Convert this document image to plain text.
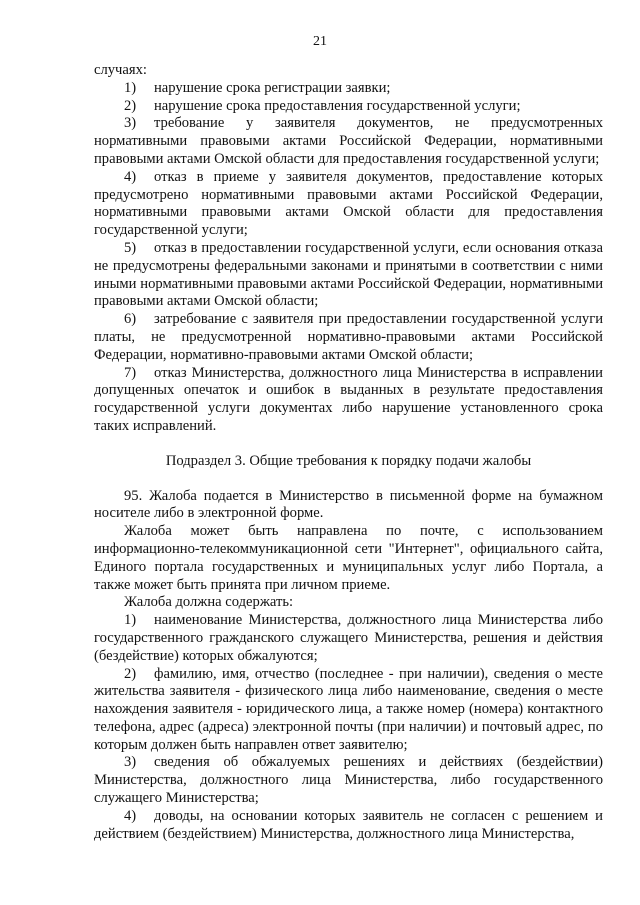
21

случаях:

1) нарушение срока регистрации заявки;

2) нарушение срока предоставления государственной услуги;

3) требование у заявителя документов, не предусмотренных нормативными правовыми актами Российской Федерации, нормативными правовыми актами Омской области для предоставления государственной услуги;

4) отказ в приеме у заявителя документов, предоставление которых предусмотрено нормативными правовыми актами Российской Федерации, нормативными правовыми актами Омской области для предоставления государственной услуги;

5) отказ в предоставлении государственной услуги, если основания отказа не предусмотрены федеральными законами и принятыми в соответствии с ними иными нормативными правовыми актами Российской Федерации, нормативными правовыми актами Омской области;

6) затребование с заявителя при предоставлении государственной услуги платы, не предусмотренной нормативно-правовыми актами Российской Федерации, нормативно-правовыми актами Омской области;

7) отказ Министерства, должностного лица Министерства в исправлении допущенных опечаток и ошибок в выданных в результате предоставления государственной услуги документах либо нарушение установленного срока таких исправлений.

Подраздел 3. Общие требования к порядку подачи жалобы

95. Жалоба подается в Министерство в письменной форме на бумажном носителе либо в электронной форме.

Жалоба может быть направлена по почте, с использованием информационно-телекоммуникационной сети "Интернет", официального сайта, Единого портала государственных и муниципальных услуг либо Портала, а также может быть принята при личном приеме.

Жалоба должна содержать:

1) наименование Министерства, должностного лица Министерства либо государственного гражданского служащего Министерства, решения и действия (бездействие) которых обжалуются;

2) фамилию, имя, отчество (последнее - при наличии), сведения о месте жительства заявителя - физического лица либо наименование, сведения о месте нахождения заявителя - юридического лица, а также номер (номера) контактного телефона, адрес (адреса) электронной почты (при наличии) и почтовый адрес, по которым должен быть направлен ответ заявителю;

3) сведения об обжалуемых решениях и действиях (бездействии) Министерства, должностного лица Министерства, либо государственного служащего Министерства;

4) доводы, на основании которых заявитель не согласен с решением и действием (бездействием) Министерства, должностного лица Министерства,
